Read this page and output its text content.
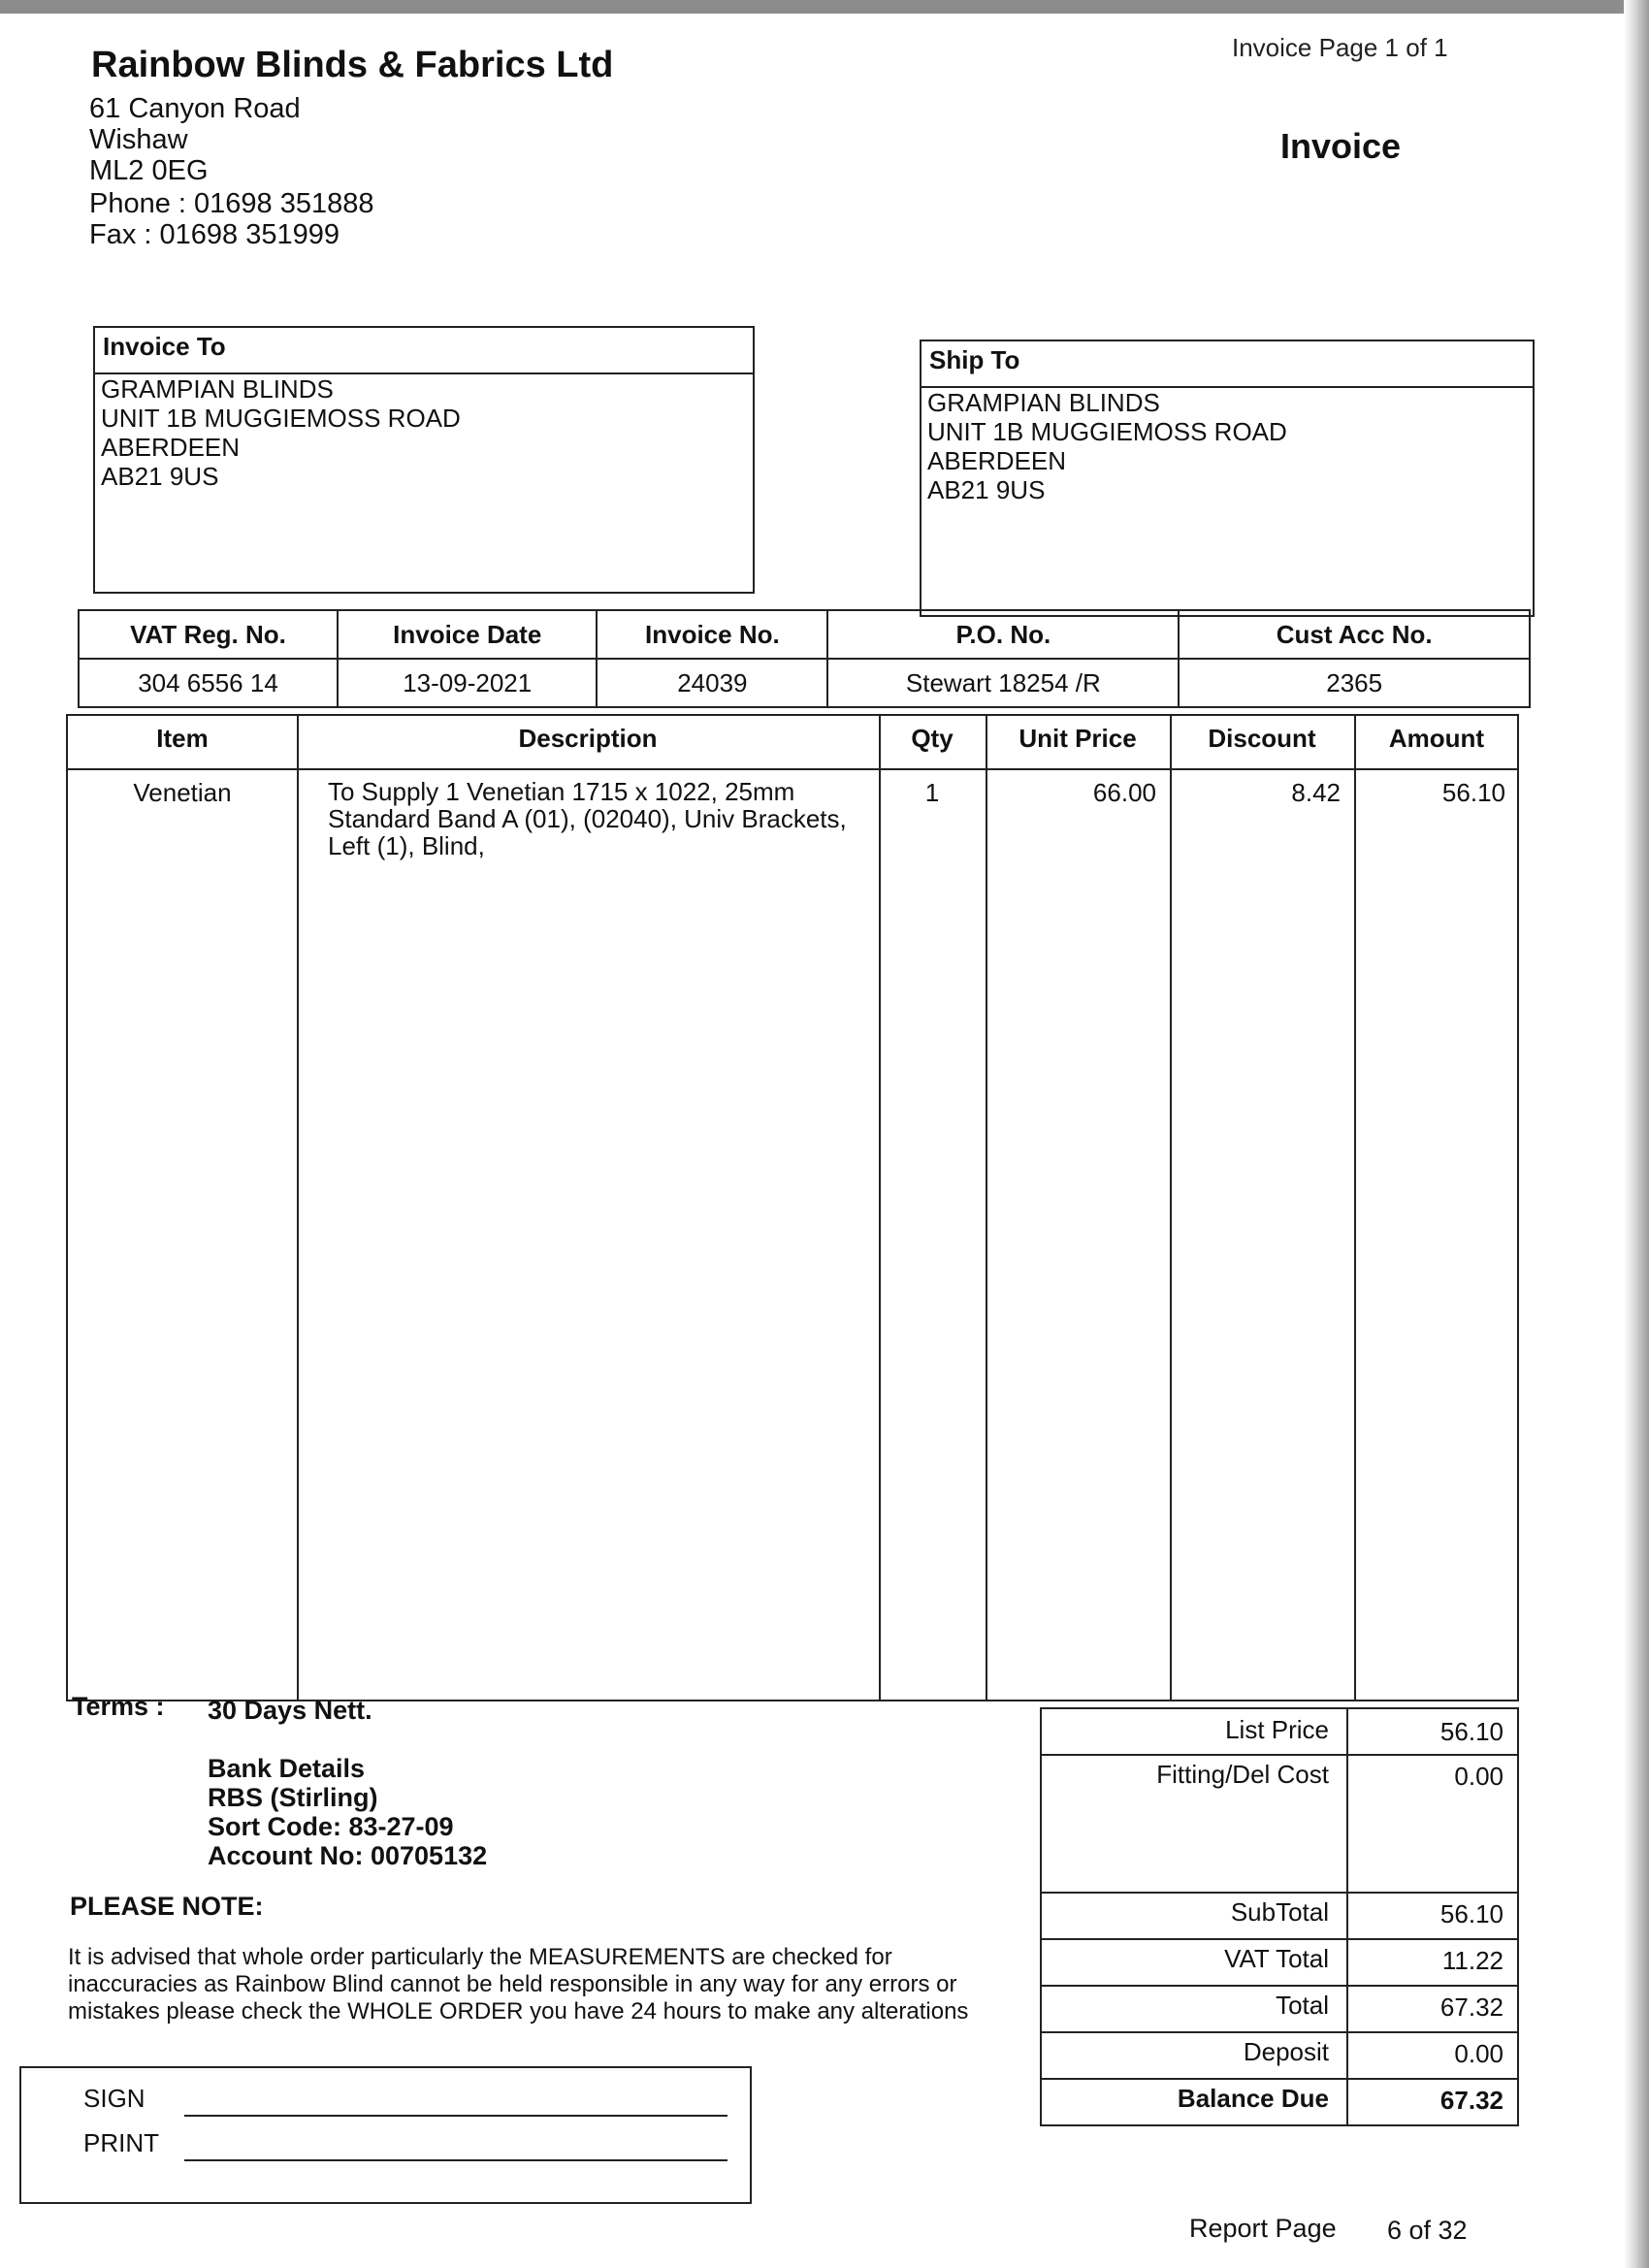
Rainbow Blinds & Fabrics Ltd
61 Canyon Road
Wishaw
ML2 0EG
Phone : 01698 351888
Fax : 01698 351999
Invoice Page 1 of 1
Invoice
Invoice To
GRAMPIAN BLINDS
UNIT 1B MUGGIEMOSS ROAD
ABERDEEN
AB21 9US
Ship To
GRAMPIAN BLINDS
UNIT 1B MUGGIEMOSS ROAD
ABERDEEN
AB21 9US
VAT Reg. No.	Invoice Date	Invoice No.	P.O. No.	Cust Acc No.
304 6556 14	13-09-2021	24039	Stewart 18254 /R	2365
Item	Description	Qty	Unit Price	Discount	Amount
Venetian	To Supply 1 Venetian 1715 x 1022, 25mm
Standard Band A (01), (02040), Univ Brackets,
Left (1), Blind,
1	66.00	8.42	56.10
Terms : 30 Days Nett.
Bank Details
RBS (Stirling)
Sort Code: 83-27-09
Account No: 00705132
PLEASE NOTE:
It is advised that whole order particularly the MEASUREMENTS are checked for inaccuracies as Rainbow Blind cannot be held responsible in any way for any errors or mistakes please check the WHOLE ORDER you have 24 hours to make any alterations
SIGN
PRINT
List Price	56.10
Fitting/Del Cost	0.00
SubTotal	56.10
VAT Total	11.22
Total	67.32
Deposit	0.00
Balance Due	67.32
Report Page 6 of 32
